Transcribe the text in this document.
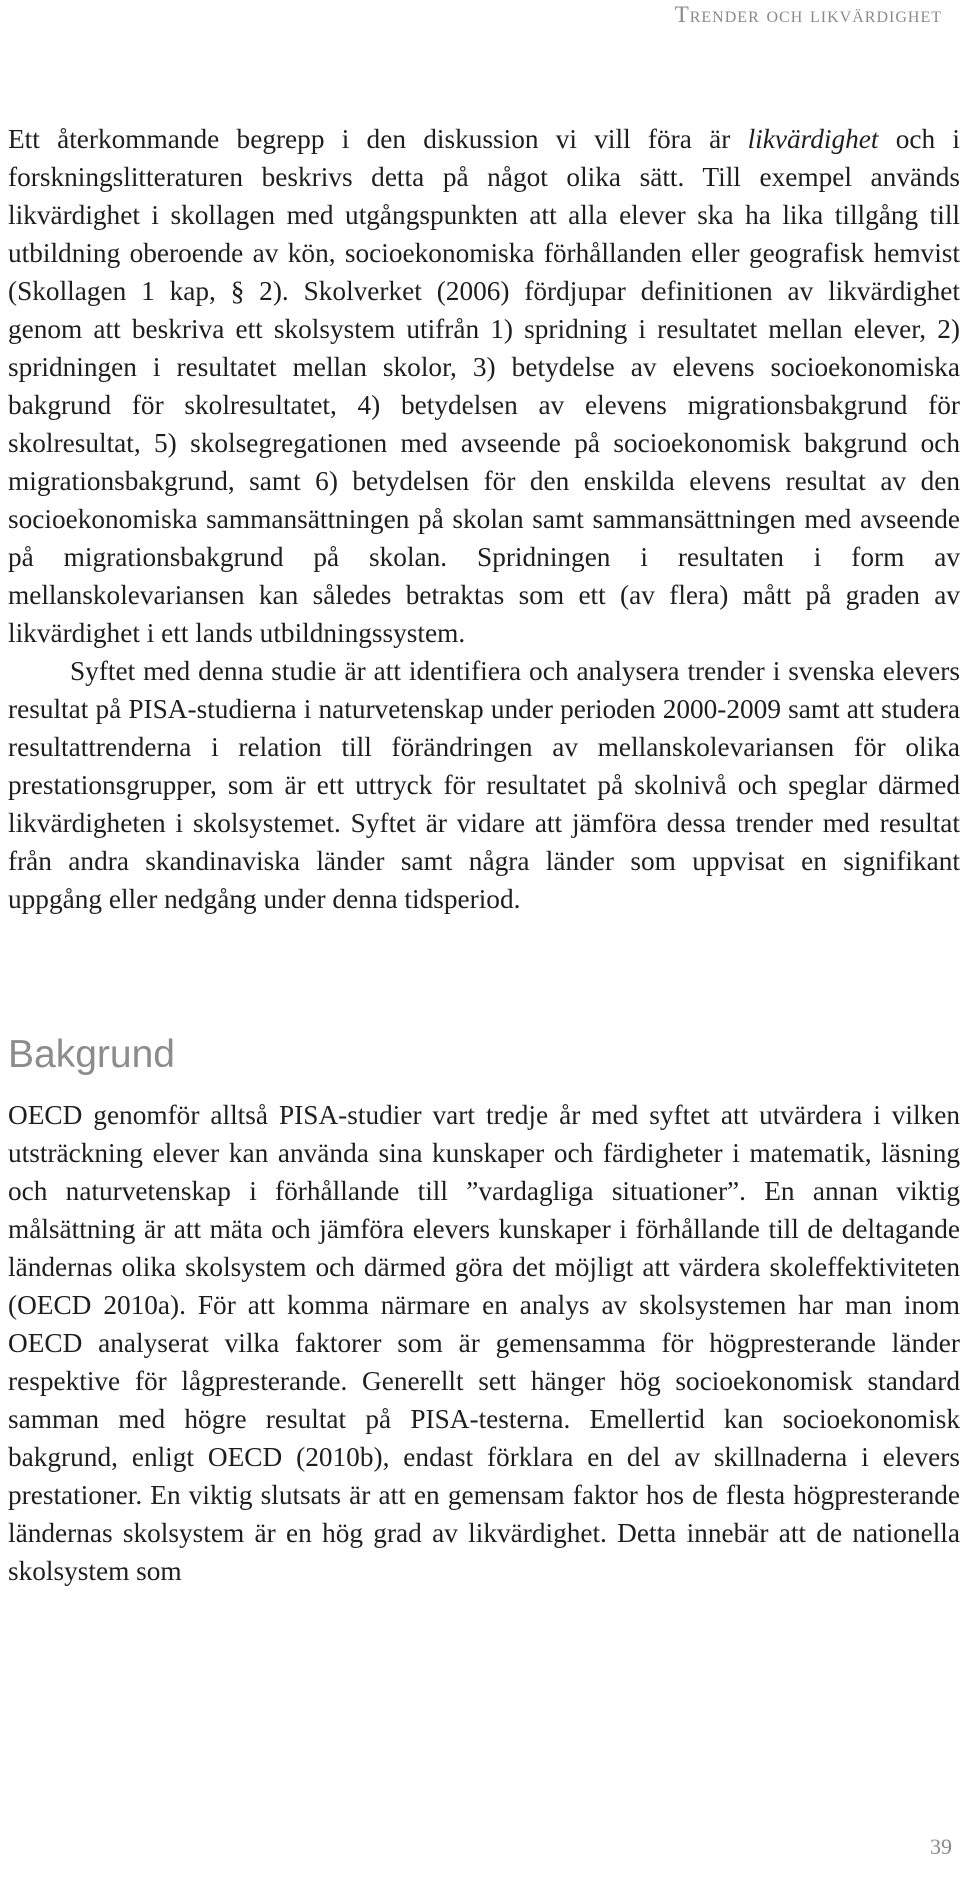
Trender och likvärdighet

Ett återkommande begrepp i den diskussion vi vill föra är likvärdighet och i forskningslitteraturen beskrivs detta på något olika sätt. Till exempel används likvärdighet i skollagen med utgångspunkten att alla elever ska ha lika tillgång till utbildning oberoende av kön, socioekonomiska förhållanden eller geografisk hemvist (Skollagen 1 kap, § 2). Skolverket (2006) fördjupar definitionen av likvärdighet genom att beskriva ett skolsystem utifrån 1) spridning i resultatet mellan elever, 2) spridningen i resultatet mellan skolor, 3) betydelse av elevens socioekonomiska bakgrund för skolresultatet, 4) betydelsen av elevens migrationsbakgrund för skolresultat, 5) skolsegregationen med avseende på socioekonomisk bakgrund och migrationsbakgrund, samt 6) betydelsen för den enskilda elevens resultat av den socioekonomiska sammansättningen på skolan samt sammansättningen med avseende på migrationsbakgrund på skolan. Spridningen i resultaten i form av mellanskolevariansen kan således betraktas som ett (av flera) mått på graden av likvärdighet i ett lands utbildningssystem.

Syftet med denna studie är att identifiera och analysera trender i svenska elevers resultat på PISA-studierna i naturvetenskap under perioden 2000-2009 samt att studera resultattrenderna i relation till förändringen av mellanskolevariansen för olika prestationsgrupper, som är ett uttryck för resultatet på skolnivå och speglar därmed likvärdigheten i skolsystemet. Syftet är vidare att jämföra dessa trender med resultat från andra skandinaviska länder samt några länder som uppvisat en signifikant uppgång eller nedgång under denna tidsperiod.

Bakgrund

OECD genomför alltså PISA-studier vart tredje år med syftet att utvärdera i vilken utsträckning elever kan använda sina kunskaper och färdigheter i matematik, läsning och naturvetenskap i förhållande till ”vardagliga situationer”. En annan viktig målsättning är att mäta och jämföra elevers kunskaper i förhållande till de deltagande ländernas olika skolsystem och därmed göra det möjligt att värdera skoleffektiviteten (OECD 2010a). För att komma närmare en analys av skolsystemen har man inom OECD analyserat vilka faktorer som är gemensamma för högpresterande länder respektive för lågpresterande. Generellt sett hänger hög socioekonomisk standard samman med högre resultat på PISA-testerna. Emellertid kan socioekonomisk bakgrund, enligt OECD (2010b), endast förklara en del av skillnaderna i elevers prestationer. En viktig slutsats är att en gemensam faktor hos de flesta högpresterande ländernas skolsystem är en hög grad av likvärdighet. Detta innebär att de nationella skolsystem som

39
